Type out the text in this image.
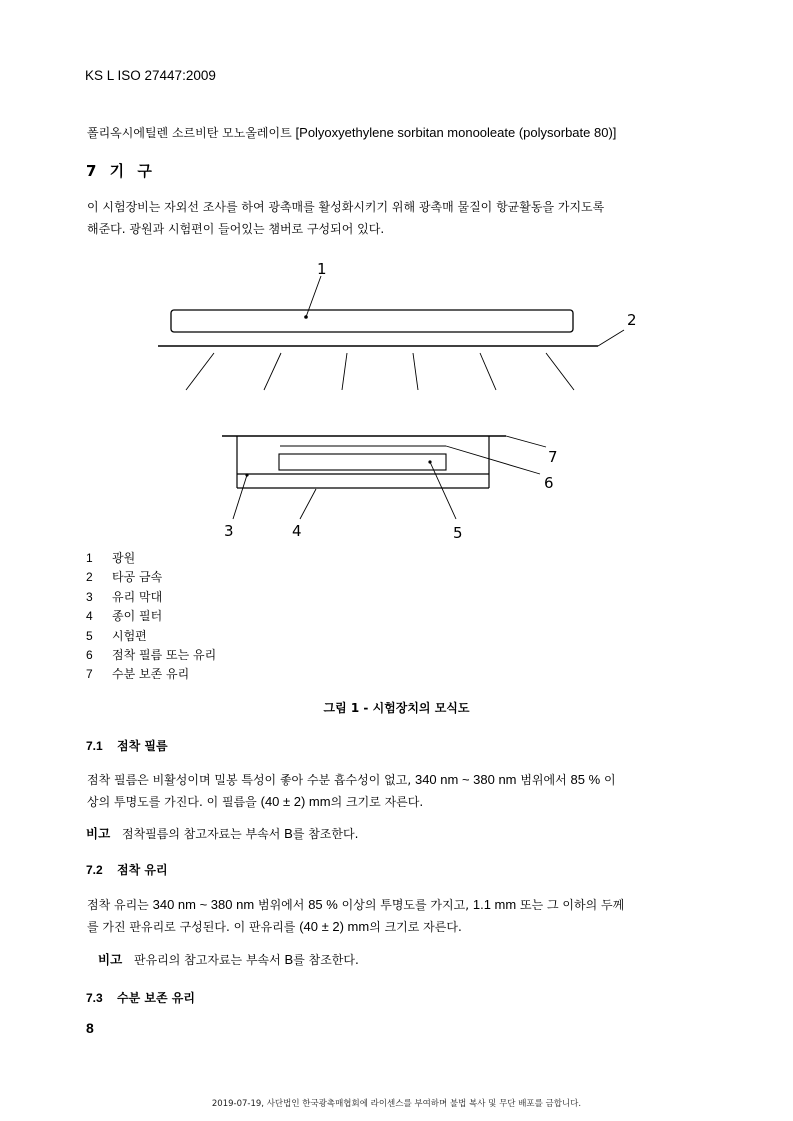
KS L ISO 27447:2009

폴리옥시에틸렌 소르비탄 모노올레이트 [Polyoxyethylene sorbitan monooleate (polysorbate 80)]

7 기 구

이 시험장비는 자외선 조사를 하여 광촉매를 활성화시키기 위해 광촉매 물질이 항균활동을 가지도록
해준다. 광원과 시험편이 들어있는 챔버로 구성되어 있다.

1
2
7
6
3	4	5
1 광원
2 타공 금속
3 유리 막대
4 종이 필터
5 시험편
6 점착 필름 또는 유리
7 수분 보존 유리

그림 1 - 시험장치의 모식도

7.1 점착 필름

점착 필름은 비활성이며 밀봉 특성이 좋아 수분 흡수성이 없고, 340 nm ~ 380 nm 범위에서 85 % 이
상의 투명도를 가진다. 이 필름을 (40 ± 2) mm의 크기로 자른다.

비고 점착필름의 참고자료는 부속서 B를 참조한다.

7.2 점착 유리

점착 유리는 340 nm ~ 380 nm 범위에서 85 % 이상의 투명도를 가지고, 1.1 mm 또는 그 이하의 두께
를 가진 판유리로 구성된다. 이 판유리를 (40 ± 2) mm의 크기로 자른다.

비고 판유리의 참고자료는 부속서 B를 참조한다.

7.3 수분 보존 유리

8

2019-07-19, 사단법인 한국광촉매협회에 라이센스를 부여하며 불법 복사 및 무단 배포를 금합니다.
